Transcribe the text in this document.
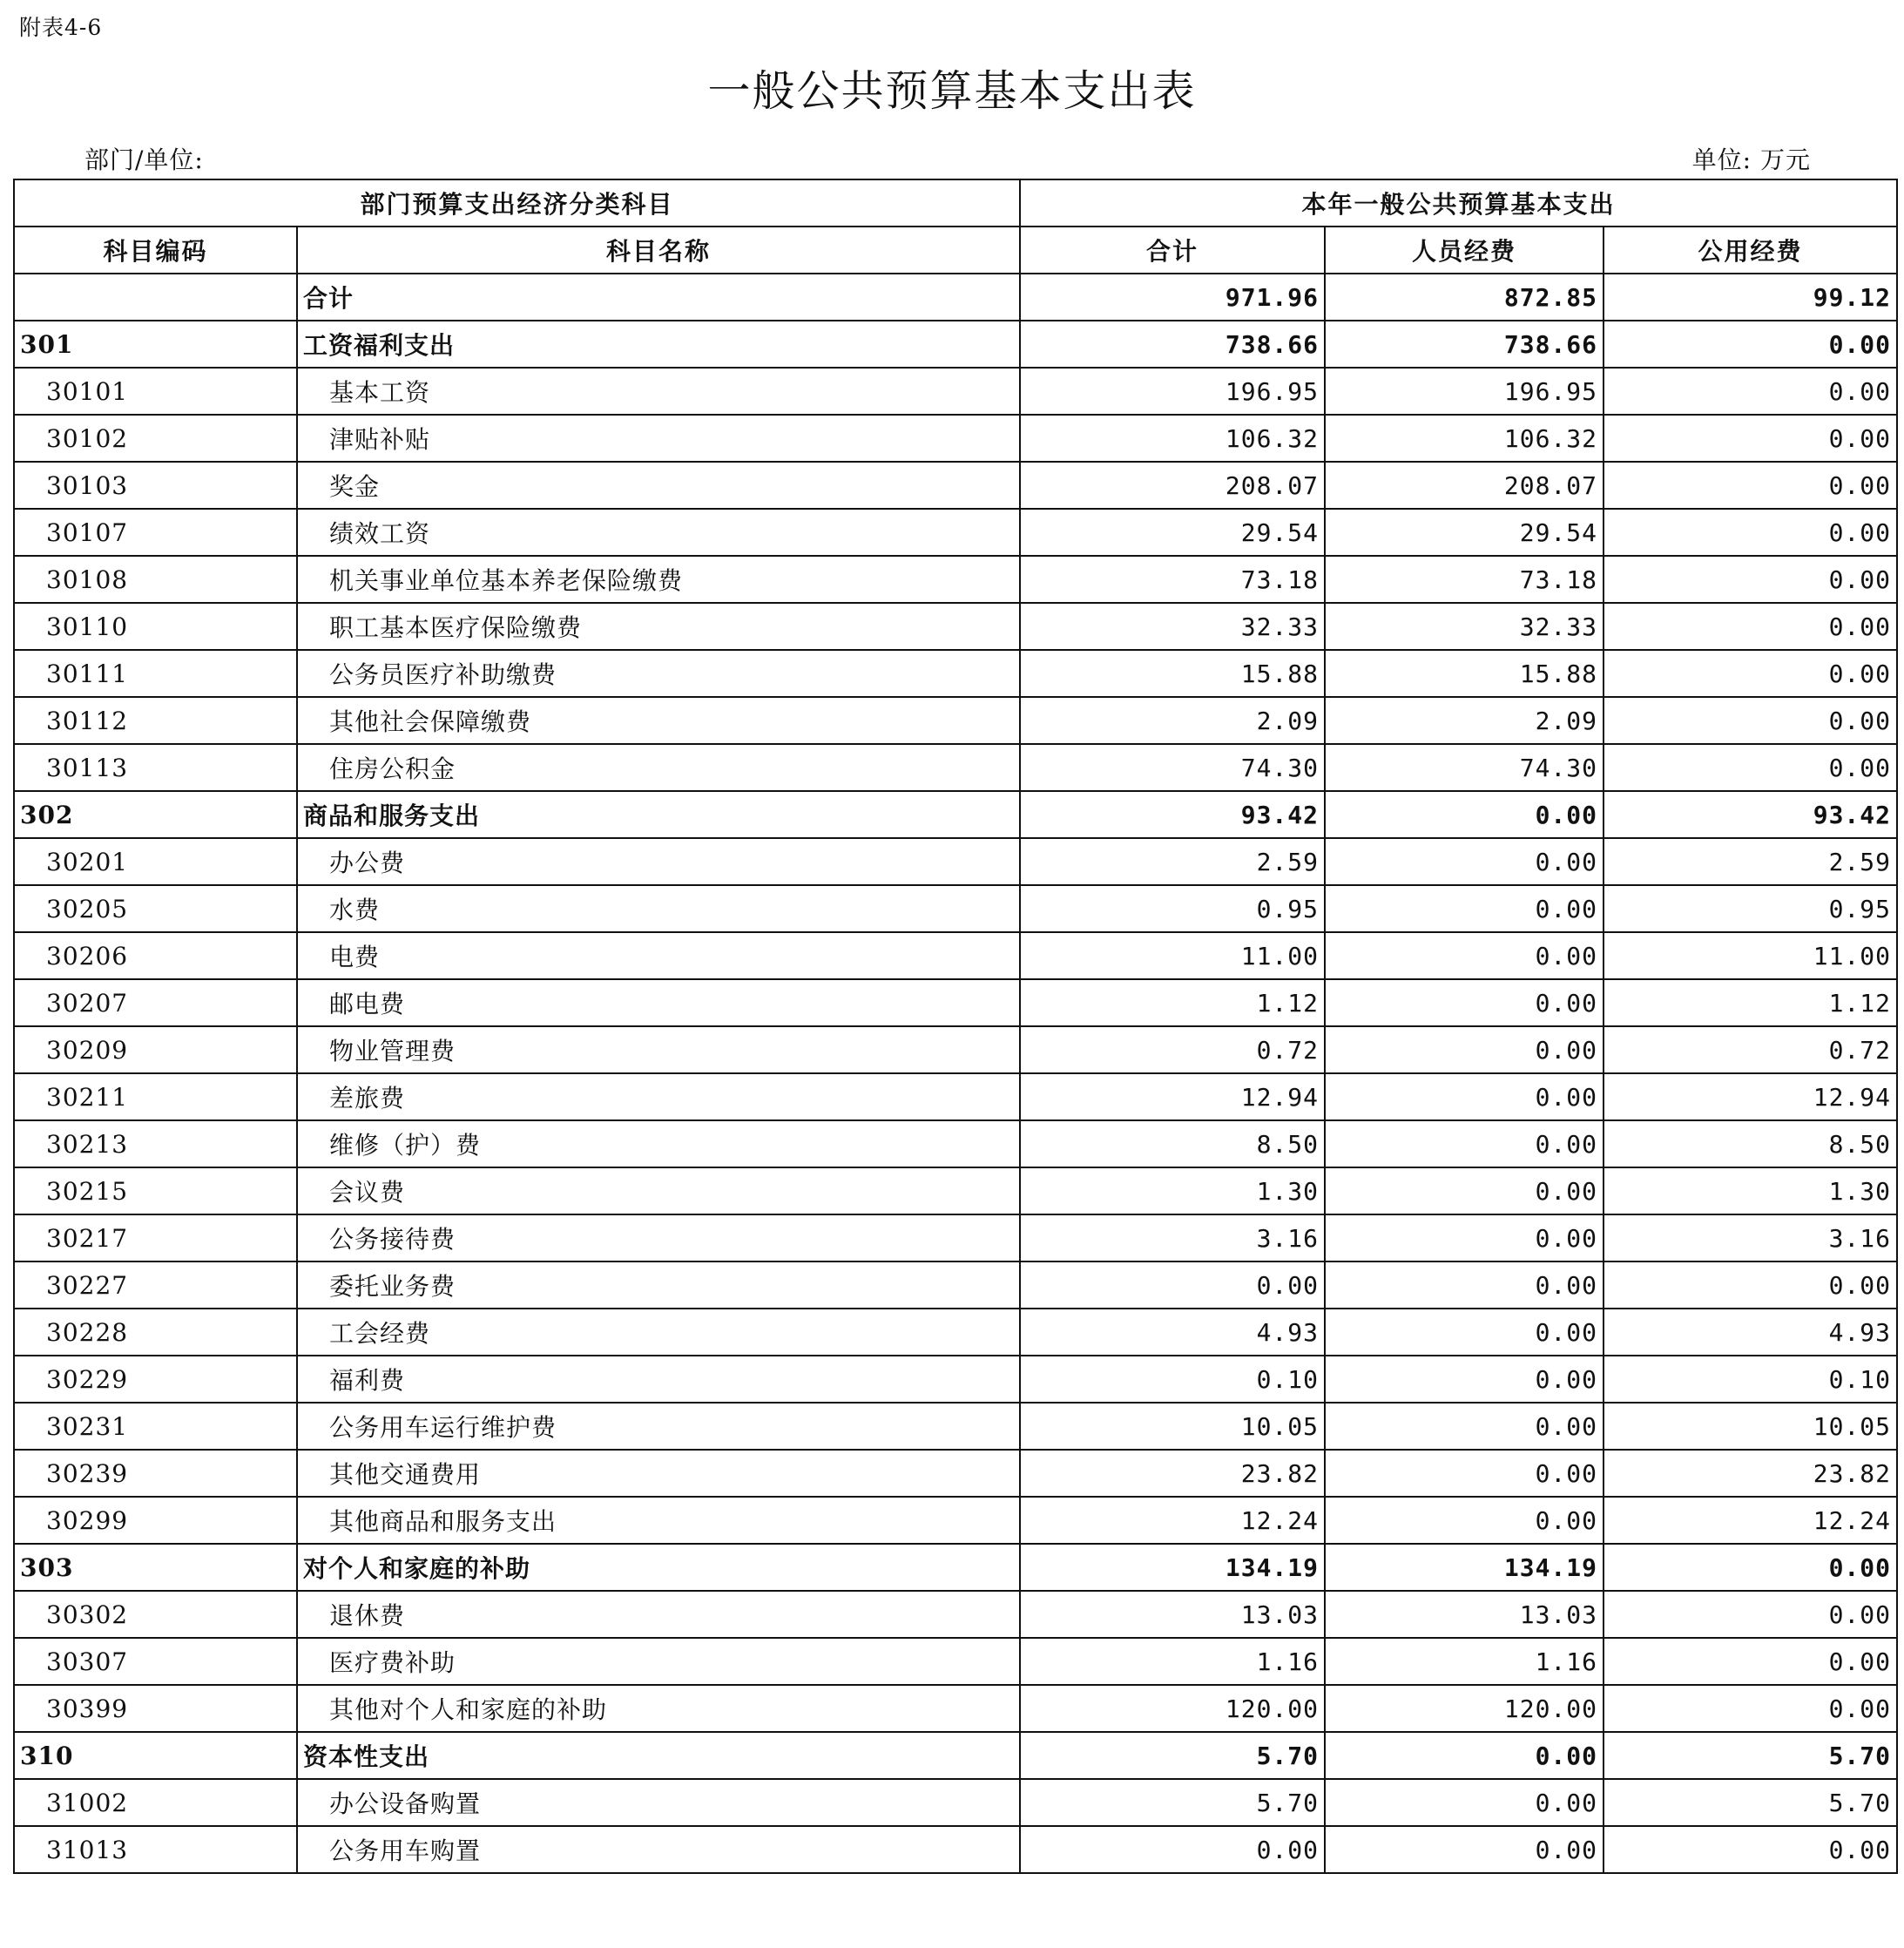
附表4-6
一般公共预算基本支出表
部门/单位:	单位: 万元
部门预算支出经济分类科目		本年一般公共预算基本支出		
科目编码	科目名称	合计	人员经费	公用经费
	合计	971.96	872.85	99.12
301	工资福利支出	738.66	738.66	0.00
30101	基本工资	196.95	196.95	0.00
30102	津贴补贴	106.32	106.32	0.00
30103	奖金	208.07	208.07	0.00
30107	绩效工资	29.54	29.54	0.00
30108	机关事业单位基本养老保险缴费	73.18	73.18	0.00
30110	职工基本医疗保险缴费	32.33	32.33	0.00
30111	公务员医疗补助缴费	15.88	15.88	0.00
30112	其他社会保障缴费	2.09	2.09	0.00
30113	住房公积金	74.30	74.30	0.00
302	商品和服务支出	93.42	0.00	93.42
30201	办公费	2.59	0.00	2.59
30205	水费	0.95	0.00	0.95
30206	电费	11.00	0.00	11.00
30207	邮电费	1.12	0.00	1.12
30209	物业管理费	0.72	0.00	0.72
30211	差旅费	12.94	0.00	12.94
30213	维修（护）费	8.50	0.00	8.50
30215	会议费	1.30	0.00	1.30
30217	公务接待费	3.16	0.00	3.16
30227	委托业务费	0.00	0.00	0.00
30228	工会经费	4.93	0.00	4.93
30229	福利费	0.10	0.00	0.10
30231	公务用车运行维护费	10.05	0.00	10.05
30239	其他交通费用	23.82	0.00	23.82
30299	其他商品和服务支出	12.24	0.00	12.24
303	对个人和家庭的补助	134.19	134.19	0.00
30302	退休费	13.03	13.03	0.00
30307	医疗费补助	1.16	1.16	0.00
30399	其他对个人和家庭的补助	120.00	120.00	0.00
310	资本性支出	5.70	0.00	5.70
31002	办公设备购置	5.70	0.00	5.70
31013	公务用车购置	0.00	0.00	0.00
